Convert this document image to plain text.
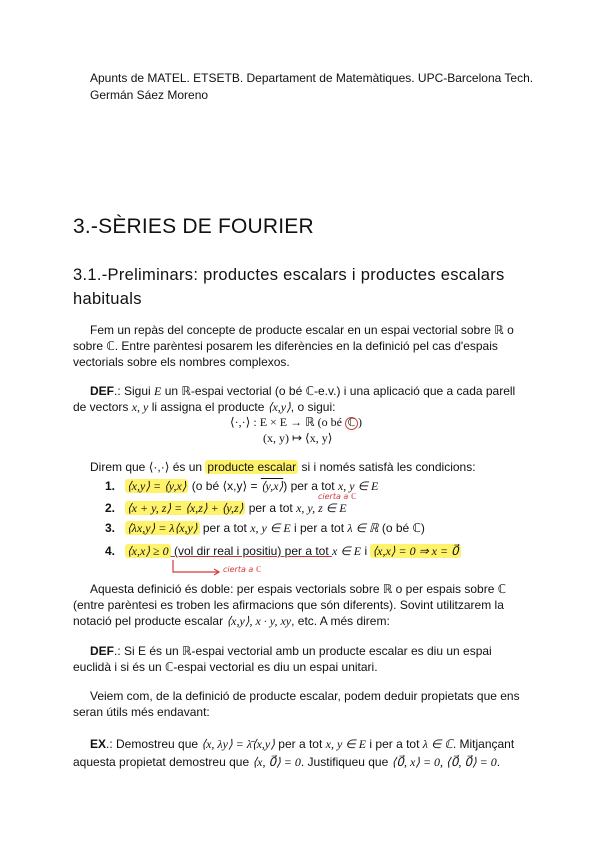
Apunts de MATEL. ETSETB. Departament de Matemàtiques. UPC-Barcelona Tech.
Germán Sáez Moreno
3.-SÈRIES DE FOURIER
3.1.-Preliminars: productes escalars i productes escalars habituals
Fem un repàs del concepte de producte escalar en un espai vectorial sobre ℝ o sobre ℂ. Entre parèntesi posarem les diferències en la definició pel cas d'espais vectorials sobre els nombres complexos.
DEF.: Sigui E un ℝ-espai vectorial (o bé ℂ-e.v.) i una aplicació que a cada parell de vectors x, y li assigna el producte ⟨x,y⟩, o sigui:
⟨·,·⟩ : E × E → ℝ (o bé ℂ )
(x, y) ↦ ⟨x, y⟩
Direm que ⟨·,·⟩ és un producte escalar si i només satisfà les condicions:
1. ⟨x,y⟩ = ⟨y,x⟩ (o bé ⟨x,y⟩ = ⟨y,x⟩) per a tot x, y ∈ E
2. ⟨x + y, z⟩ = ⟨x,z⟩ + ⟨y,z⟩ per a tot x, y, z ∈ E
cierta a ℂ
3. ⟨λx,y⟩ = λ⟨x,y⟩ per a tot x, y ∈ E i per a tot λ ∈ ℝ (o bé ℂ)
4. ⟨x,x⟩ ≥ 0 (vol dir real i positiu) per a tot x ∈ E i ⟨x,x⟩ = 0 ⇒ x = 0⃗
cierta a ℂ
Aquesta definició és doble: per espais vectorials sobre ℝ o per espais sobre ℂ (entre parèntesi es troben les afirmacions que són diferents). Sovint utilitzarem la notació pel producte escalar ⟨x,y⟩, x · y, xy, etc. A més direm:
DEF.: Si E és un ℝ-espai vectorial amb un producte escalar es diu un espai euclidà i si és un ℂ-espai vectorial es diu un espai unitari.
Veiem com, de la definició de producte escalar, podem deduir propietats que ens seran útils més endavant:
EX.: Demostreu que ⟨x, λy⟩ = λ̄⟨x,y⟩ per a tot x, y ∈ E i per a tot λ ∈ ℂ. Mitjançant aquesta propietat demostreu que ⟨x, 0⃗⟩ = 0. Justifiqueu que ⟨0⃗, x⟩ = 0, ⟨0⃗, 0⃗⟩ = 0.
